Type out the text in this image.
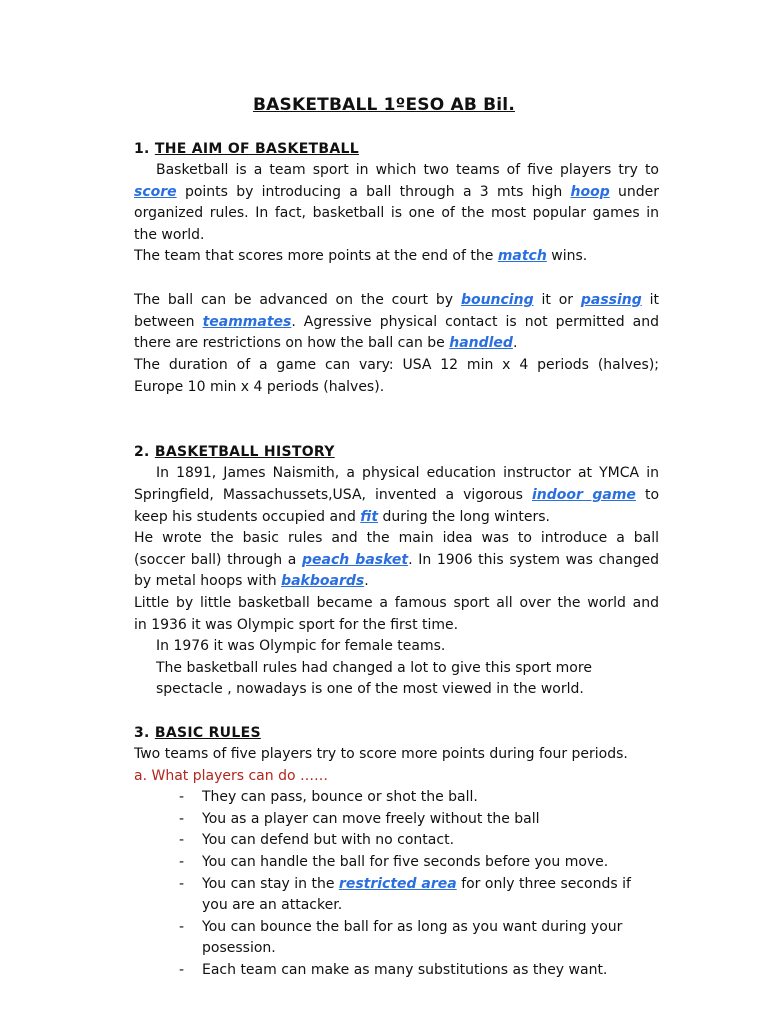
BASKETBALL 1ºESO AB Bil.
1. THE AIM OF BASKETBALL
Basketball is a team sport in which two teams of five players try to
score points by introducing a ball through a 3 mts high hoop under
organized rules. In fact, basketball is one of the most popular games in
the world.
The team that scores more points at the end of the match wins.
The ball can be advanced on the court by bouncing it or passing it
between teammates. Agressive physical contact is not permitted and
there are restrictions on how the ball can be handled.
The duration of a game can vary: USA 12 min x 4 periods (halves);
Europe 10 min x 4 periods (halves).
2. BASKETBALL HISTORY
In 1891, James Naismith, a physical education instructor at YMCA in
Springfield, Massachussets,USA, invented a vigorous indoor game to
keep his students occupied and fit during the long winters.
He wrote the basic rules and the main idea was to introduce a ball
(soccer ball) through a peach basket. In 1906 this system was changed
by metal hoops with bakboards.
Little by little basketball became a famous sport all over the world and
in 1936 it was Olympic sport for the first time.
In 1976 it was Olympic for female teams.
The basketball rules had changed a lot to give this sport more
spectacle , nowadays is one of the most viewed in the world.
3. BASIC RULES
Two teams of five players try to score more points during four periods.
a. What players can do ……
- They can pass, bounce or shot the ball.
- You as a player can move freely without the ball
- You can defend but with no contact.
- You can handle the ball for five seconds before you move.
- You can stay in the restricted area for only three seconds if
you are an attacker.
- You can bounce the ball for as long as you want during your
posession.
- Each team can make as many substitutions as they want.
